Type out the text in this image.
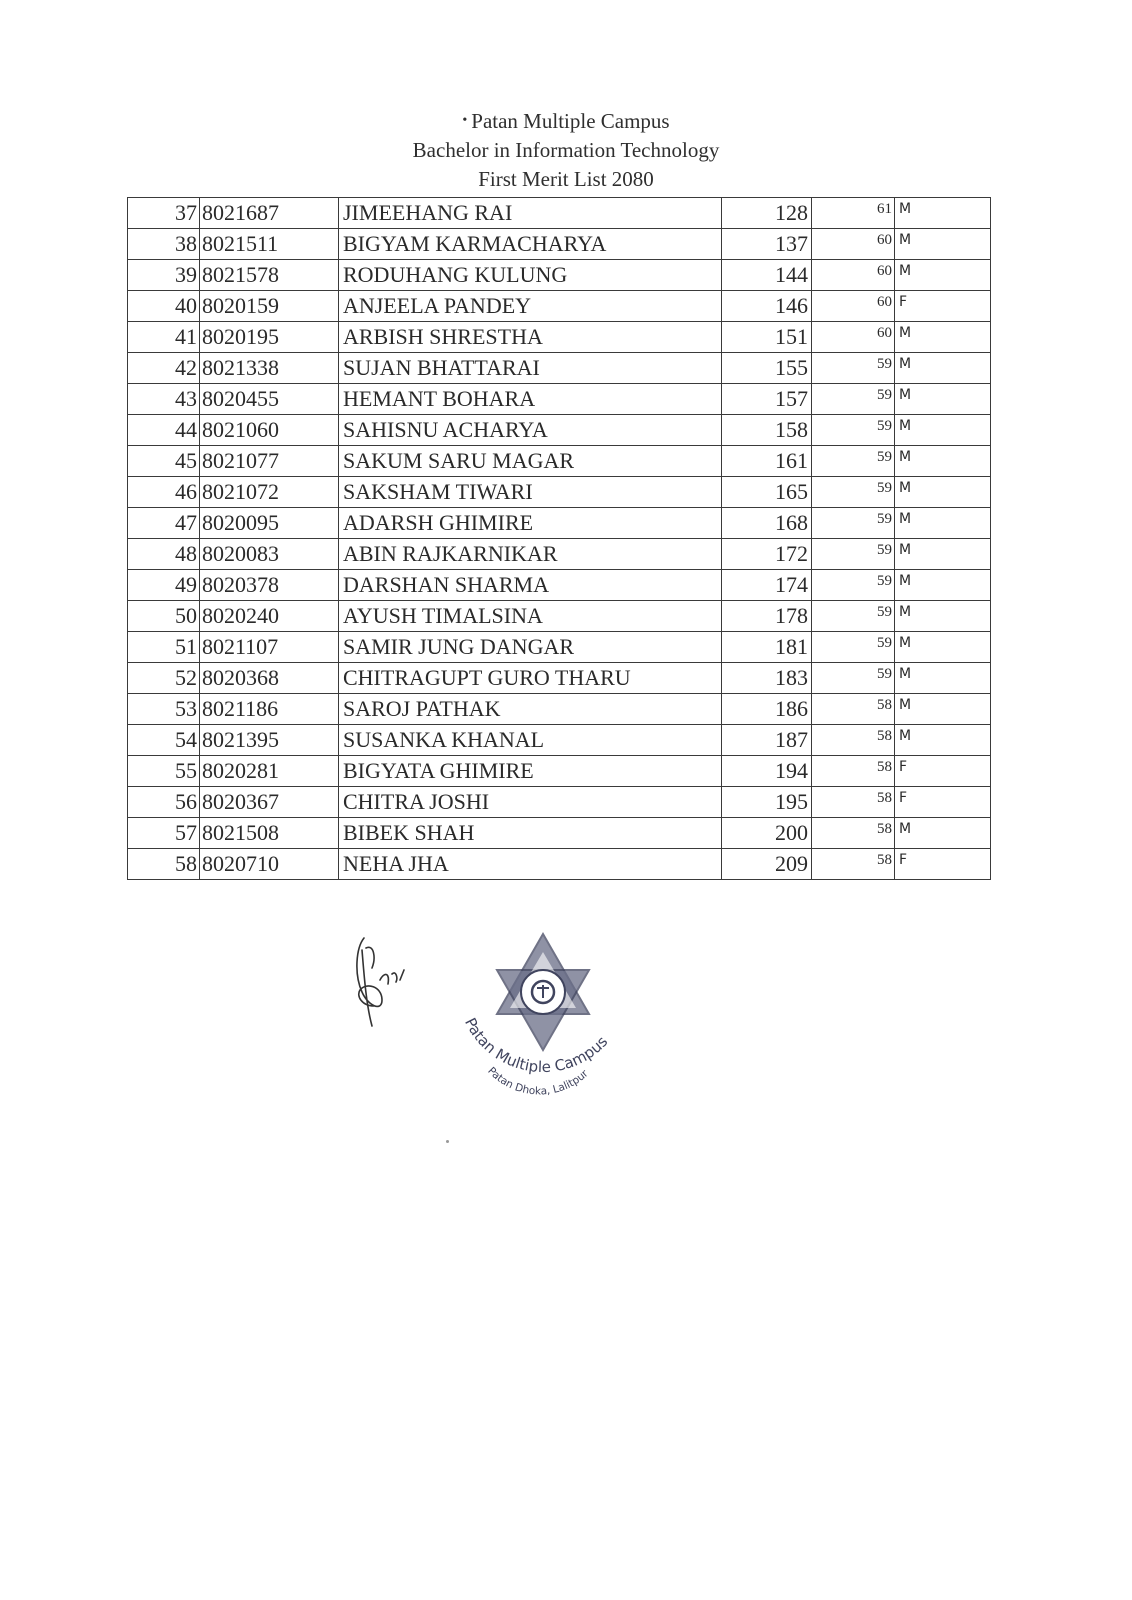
• Patan Multiple Campus
Bachelor in Information Technology
First Merit List 2080
37	8021687	JIMEEHANG RAI	128	61	M
38	8021511	BIGYAM KARMACHARYA	137	60	M
39	8021578	RODUHANG KULUNG	144	60	M
40	8020159	ANJEELA PANDEY	146	60	F
41	8020195	ARBISH SHRESTHA	151	60	M
42	8021338	SUJAN BHATTARAI	155	59	M
43	8020455	HEMANT BOHARA	157	59	M
44	8021060	SAHISNU ACHARYA	158	59	M
45	8021077	SAKUM SARU MAGAR	161	59	M
46	8021072	SAKSHAM TIWARI	165	59	M
47	8020095	ADARSH GHIMIRE	168	59	M
48	8020083	ABIN RAJKARNIKAR	172	59	M
49	8020378	DARSHAN SHARMA	174	59	M
50	8020240	AYUSH TIMALSINA	178	59	M
51	8021107	SAMIR JUNG DANGAR	181	59	M
52	8020368	CHITRAGUPT GURO THARU	183	59	M
53	8021186	SAROJ PATHAK	186	58	M
54	8021395	SUSANKA KHANAL	187	58	M
55	8020281	BIGYATA GHIMIRE	194	58	F
56	8020367	CHITRA JOSHI	195	58	F
57	8021508	BIBEK SHAH	200	58	M
58	8020710	NEHA JHA	209	58	F
Patan Multiple Campus
Patan Dhoka, Lalitpur
